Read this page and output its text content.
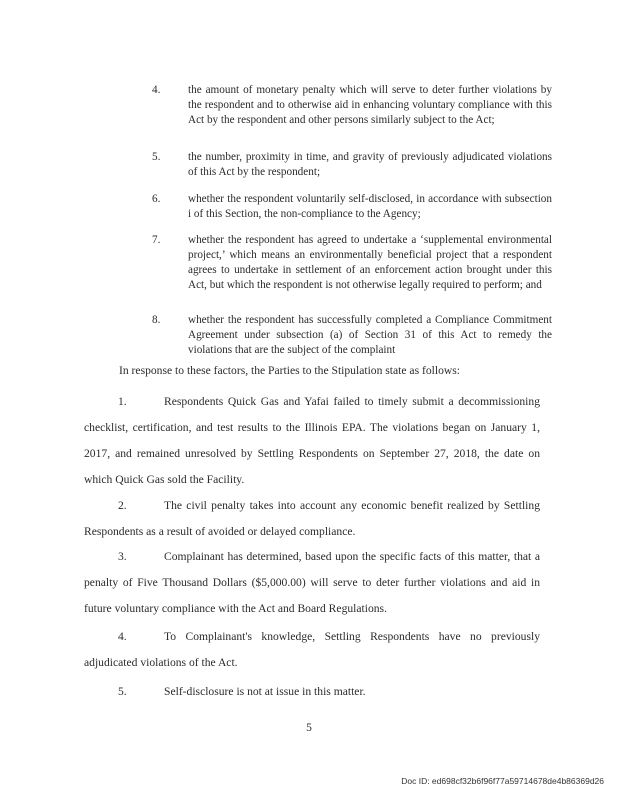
4.	the amount of monetary penalty which will serve to deter further violations by the respondent and to otherwise aid in enhancing voluntary compliance with this Act by the respondent and other persons similarly subject to the Act;
5.	the number, proximity in time, and gravity of previously adjudicated violations of this Act by the respondent;
6.	whether the respondent voluntarily self-disclosed, in accordance with subsection i of this Section, the non-compliance to the Agency;
7.	whether the respondent has agreed to undertake a ‘supplemental environmental project,’ which means an environmentally beneficial project that a respondent agrees to undertake in settlement of an enforcement action brought under this Act, but which the respondent is not otherwise legally required to perform; and
8.	whether the respondent has successfully completed a Compliance Commitment Agreement under subsection (a) of Section 31 of this Act to remedy the violations that are the subject of the complaint
In response to these factors, the Parties to the Stipulation state as follows:
1.	Respondents Quick Gas and Yafai failed to timely submit a decommissioning checklist, certification, and test results to the Illinois EPA. The violations began on January 1, 2017, and remained unresolved by Settling Respondents on September 27, 2018, the date on which Quick Gas sold the Facility.
2.	The civil penalty takes into account any economic benefit realized by Settling Respondents as a result of avoided or delayed compliance.
3.	Complainant has determined, based upon the specific facts of this matter, that a penalty of Five Thousand Dollars ($5,000.00) will serve to deter further violations and aid in future voluntary compliance with the Act and Board Regulations.
4.	To Complainant's knowledge, Settling Respondents have no previously adjudicated violations of the Act.
5.	Self-disclosure is not at issue in this matter.
5
Doc ID: ed698cf32b6f96f77a59714678de4b86369d26
